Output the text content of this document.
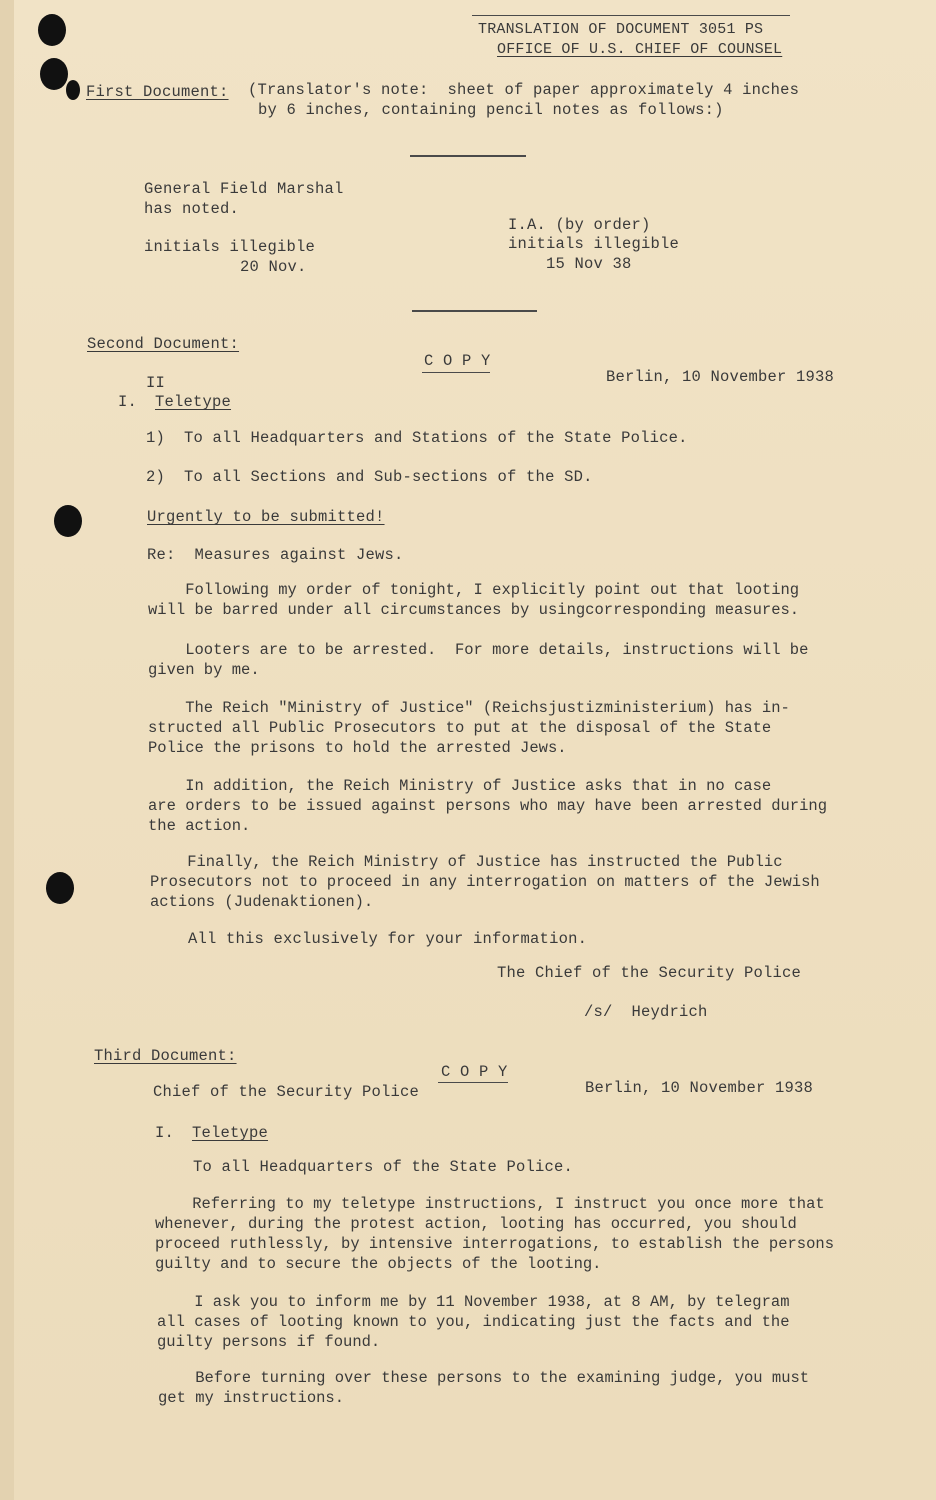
TRANSLATION OF DOCUMENT 3051 PS
OFFICE OF U.S. CHIEF OF COUNSEL
First Document: (Translator's note:  sheet of paper approximately 4 inches
by 6 inches, containing pencil notes as follows:)
General Field Marshal
has noted.
initials illegible
20 Nov.
I.A. (by order)
initials illegible
15 Nov 38
Second Document:
C O P Y
II	Berlin, 10 November 1938
I. Teletype
1)  To all Headquarters and Stations of the State Police.
2)  To all Sections and Sub-sections of the SD.
Urgently to be submitted!
Re:  Measures against Jews.
Following my order of tonight, I explicitly point out that looting
will be barred under all circumstances by usingcorresponding measures.
Looters are to be arrested.  For more details, instructions will be
given by me.
The Reich "Ministry of Justice" (Reichsjustizministerium) has in-
structed all Public Prosecutors to put at the disposal of the State
Police the prisons to hold the arrested Jews.
In addition, the Reich Ministry of Justice asks that in no case
are orders to be issued against persons who may have been arrested during
the action.
Finally, the Reich Ministry of Justice has instructed the Public
Prosecutors not to proceed in any interrogation on matters of the Jewish
actions (Judenaktionen).
All this exclusively for your information.
The Chief of the Security Police
/s/  Heydrich
Third Document:
C O P Y
Chief of the Security Police	Berlin, 10 November 1938
I. Teletype
To all Headquarters of the State Police.
Referring to my teletype instructions, I instruct you once more that
whenever, during the protest action, looting has occurred, you should
proceed ruthlessly, by intensive interrogations, to establish the persons
guilty and to secure the objects of the looting.
I ask you to inform me by 11 November 1938, at 8 AM, by telegram
all cases of looting known to you, indicating just the facts and the
guilty persons if found.
Before turning over these persons to the examining judge, you must
get my instructions.
